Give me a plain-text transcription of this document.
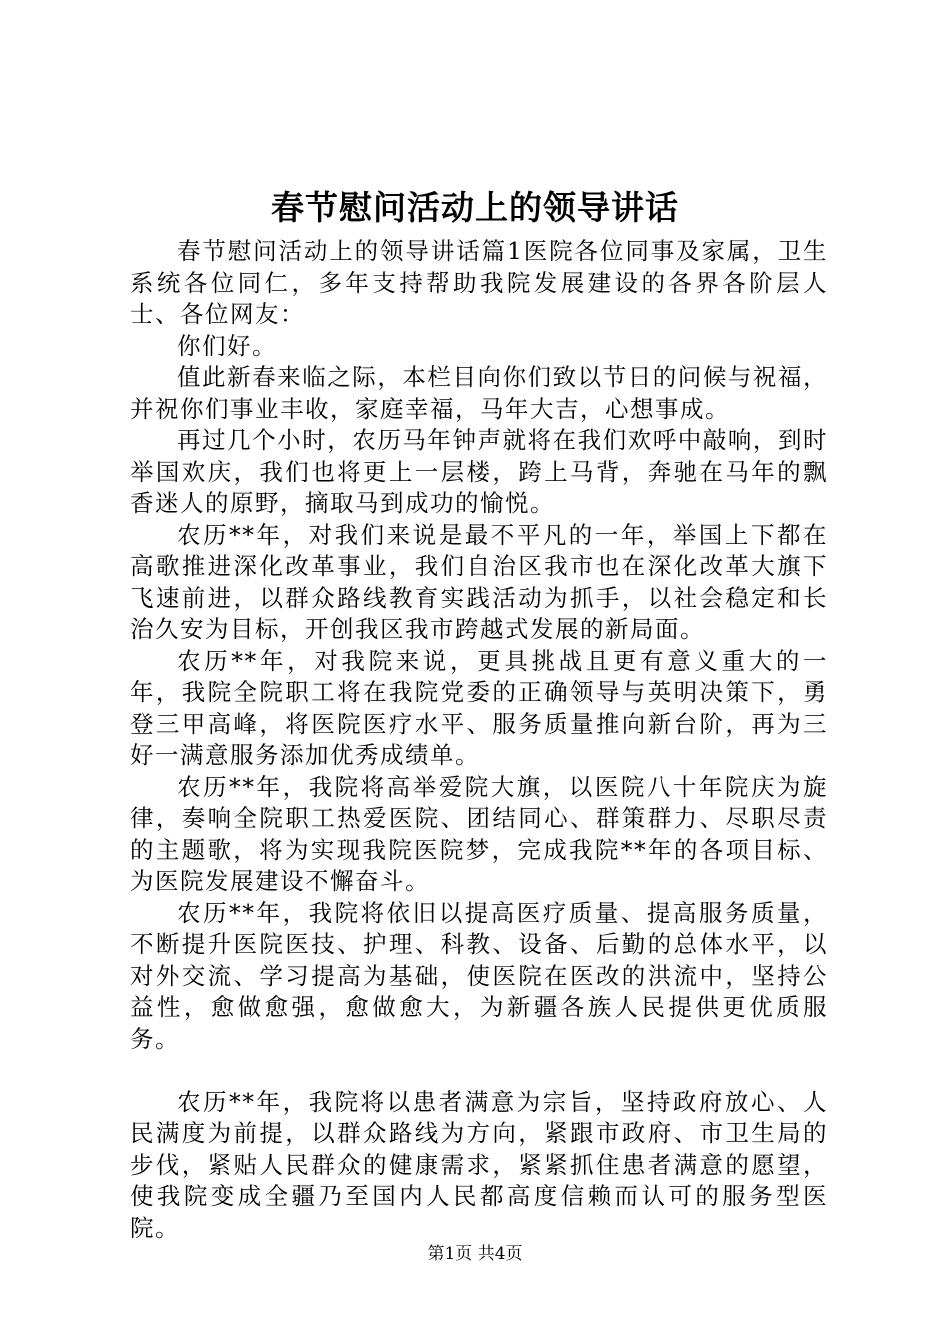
春节慰问活动上的领导讲话

春节慰问活动上的领导讲话篇1医院各位同事及家属，卫生系统各位同仁，多年支持帮助我院发展建设的各界各阶层人士、各位网友：

你们好。

值此新春来临之际，本栏目向你们致以节日的问候与祝福，并祝你们事业丰收，家庭幸福，马年大吉，心想事成。

再过几个小时，农历马年钟声就将在我们欢呼中敲响，到时举国欢庆，我们也将更上一层楼，跨上马背，奔驰在马年的飘香迷人的原野，摘取马到成功的愉悦。

农历**年，对我们来说是最不平凡的一年，举国上下都在高歌推进深化改革事业，我们自治区我市也在深化改革大旗下飞速前进，以群众路线教育实践活动为抓手，以社会稳定和长治久安为目标，开创我区我市跨越式发展的新局面。

农历**年，对我院来说，更具挑战且更有意义重大的一年，我院全院职工将在我院党委的正确领导与英明决策下，勇登三甲高峰，将医院医疗水平、服务质量推向新台阶，再为三好一满意服务添加优秀成绩单。

农历**年，我院将高举爱院大旗，以医院八十年院庆为旋律，奏响全院职工热爱医院、团结同心、群策群力、尽职尽责的主题歌，将为实现我院医院梦，完成我院**年的各项目标、为医院发展建设不懈奋斗。

农历**年，我院将依旧以提高医疗质量、提高服务质量，不断提升医院医技、护理、科教、设备、后勤的总体水平，以对外交流、学习提高为基础，使医院在医改的洪流中，坚持公益性，愈做愈强，愈做愈大，为新疆各族人民提供更优质服务。

农历**年，我院将以患者满意为宗旨，坚持政府放心、人民满度为前提，以群众路线为方向，紧跟市政府、市卫生局的步伐，紧贴人民群众的健康需求，紧紧抓住患者满意的愿望，使我院变成全疆乃至国内人民都高度信赖而认可的服务型医院。

第1页 共4页
